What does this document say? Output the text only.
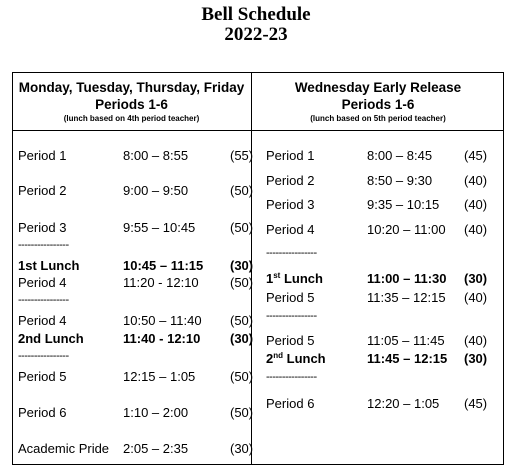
Bell Schedule
2022-23
Monday, Tuesday, Thursday, Friday
Periods 1-6
(lunch based on 4th period teacher)
Wednesday Early Release
Periods 1-6
(lunch based on 5th period teacher)
Period 1	8:00 – 8:55	(55)
Period 2	9:00 – 9:50	(50)
Period 3	9:55 – 10:45	(50)
----------------
1st Lunch	10:45 – 11:15 (30)
Period 4	11:20 - 12:10 (50)
----------------
Period 4	10:50 – 11:40 (50)
2nd Lunch	11:40 - 12:10 (30)
----------------
Period 5	12:15 – 1:05	(50)
Period 6	1:10 – 2:00	(50)
Academic Pride 2:05 – 2:35	(30)
Period 1	8:00 – 8:45 (45)
Period 2	8:50 – 9:30 (40)
Period 3	9:35 – 10:15 (40)
Period 4	10:20 – 11:00 (40)
----------------
1st Lunch	11:00 – 11:30 (30)
Period 5	11:35 – 12:15 (40)
----------------
Period 5	11:05 – 11:45 (40)
2nd Lunch	11:45 – 12:15 (30)
----------------
Period 6	12:20 – 1:05 (45)
